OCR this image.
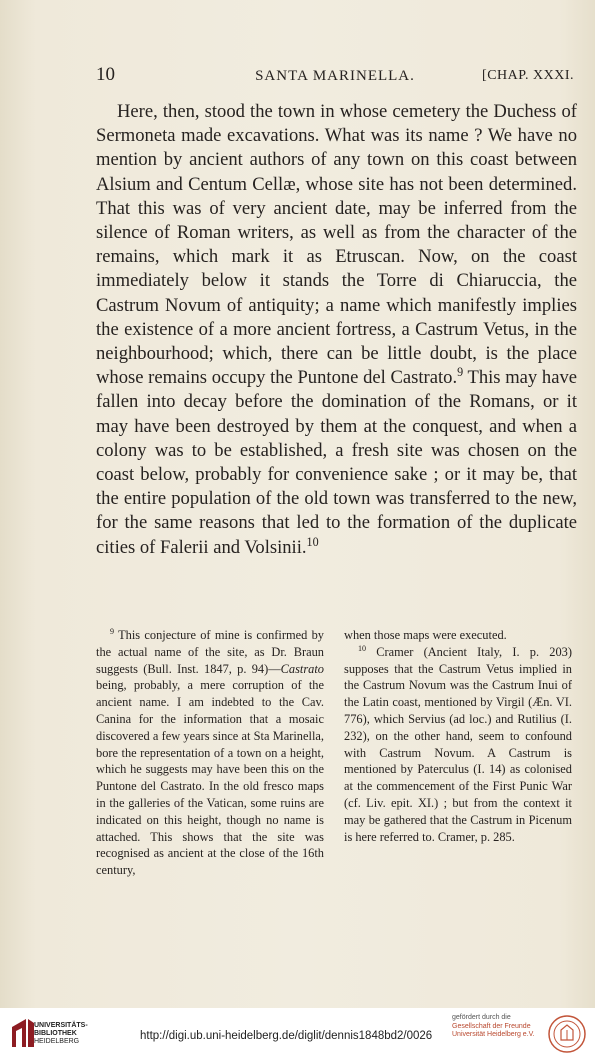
10	SANTA MARINELLA.	[CHAP. XXXI.

Here, then, stood the town in whose cemetery the Duchess of Sermoneta made excavations. What was its name ? We have no mention by ancient authors of any town on this coast between Alsium and Centum Cellæ, whose site has not been determined. That this was of very ancient date, may be inferred from the silence of Roman writers, as well as from the character of the remains, which mark it as Etruscan. Now, on the coast immediately below it stands the Torre di Chiaruccia, the Castrum Novum of antiquity; a name which manifestly implies the existence of a more ancient fortress, a Castrum Vetus, in the neighbourhood; which, there can be little doubt, is the place whose remains occupy the Puntone del Castrato.$^9$ This may have fallen into decay before the domination of the Romans, or it may have been destroyed by them at the conquest, and when a colony was to be established, a fresh site was chosen on the coast below, probably for convenience sake ; or it may be, that the entire population of the old town was transferred to the new, for the same reasons that led to the formation of the duplicate cities of Falerii and Volsinii.$^{10}$

$^9$ This conjecture of mine is confirmed by the actual name of the site, as Dr. Braun suggests (Bull. Inst. 1847, p. 94)—Castrato being, probably, a mere corruption of the ancient name. I am indebted to the Cav. Canina for the information that a mosaic discovered a few years since at Sta Marinella, bore the representation of a town on a height, which he suggests may have been this on the Puntone del Castrato. In the old fresco maps in the galleries of the Vatican, some ruins are indicated on this height, though no name is attached. This shows that the site was recognised as ancient at the close of the 16th century,

when those maps were executed.

$^{10}$ Cramer (Ancient Italy, I. p. 203) supposes that the Castrum Vetus implied in the Castrum Novum was the Castrum Inui of the Latin coast, mentioned by Virgil (Æn. VI. 776), which Servius (ad loc.) and Rutilius (I. 232), on the other hand, seem to confound with Castrum Novum. A Castrum is mentioned by Paterculus (I. 14) as colonised at the commencement of the First Punic War (cf. Liv. epit. XI.) ; but from the context it may be gathered that the Castrum in Picenum is here referred to. Cramer, p. 285.

UNIVERSITÄTS-
BIBLIOTHEK
HEIDELBERG	http://digi.ub.uni-heidelberg.de/diglit/dennis1848bd2/0026
gefördert durch die
Gesellschaft der Freunde
Universität Heidelberg e.V.
